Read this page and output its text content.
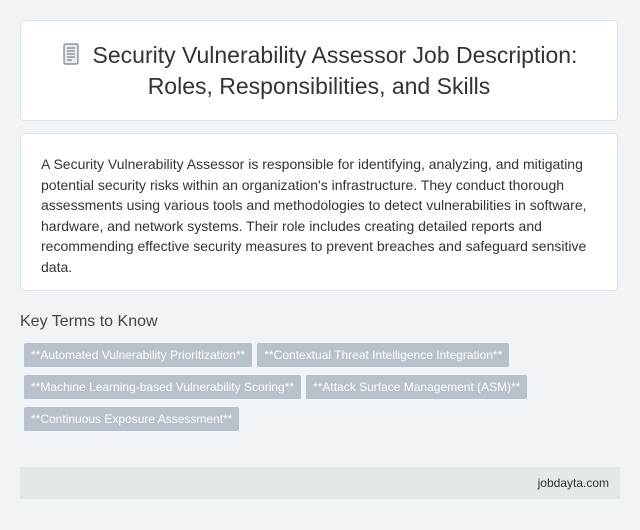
Security Vulnerability Assessor Job Description: Roles, Responsibilities, and Skills

A Security Vulnerability Assessor is responsible for identifying, analyzing, and mitigating potential security risks within an organization's infrastructure. They conduct thorough assessments using various tools and methodologies to detect vulnerabilities in software, hardware, and network systems. Their role includes creating detailed reports and recommending effective security measures to prevent breaches and safeguard sensitive data.

Key Terms to Know
**Automated Vulnerability Prioritization** **Contextual Threat Intelligence Integration**
**Machine Learning-based Vulnerability Scoring** **Attack Surface Management (ASM)**
**Continuous Exposure Assessment**
jobdayta.com
